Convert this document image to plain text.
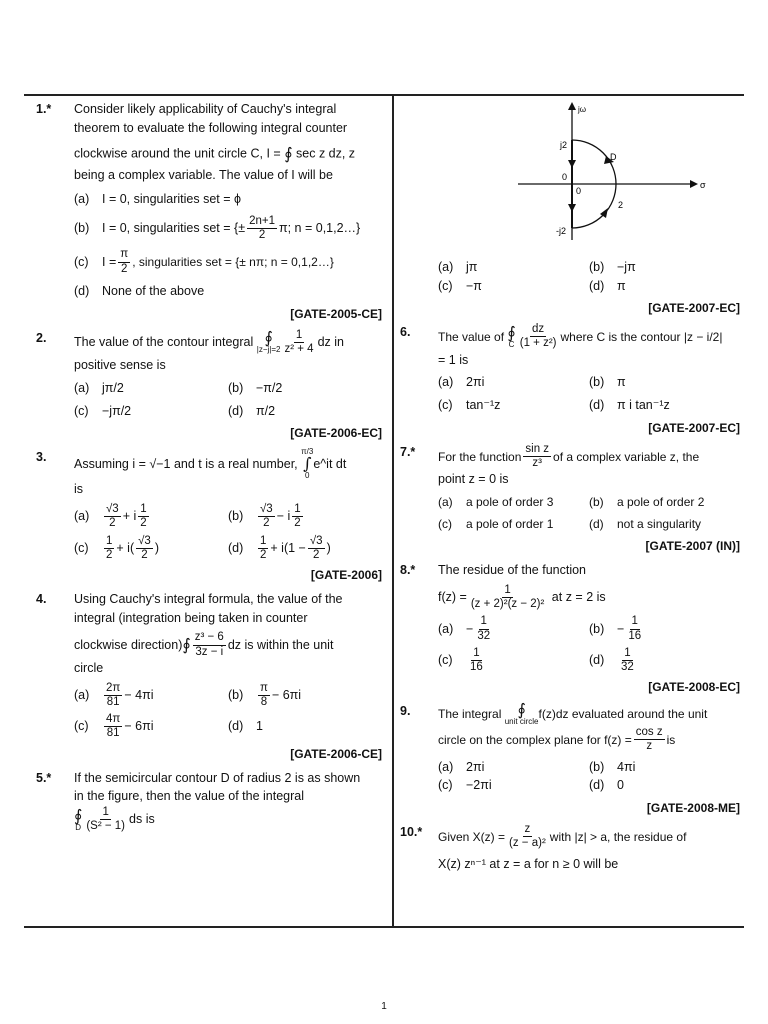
1.* Consider likely applicability of Cauchy's integral
theorem to evaluate the following integral counter
clockwise around the unit circle C, I = ∮ sec z dz, z
being a complex variable. The value of I will be
(a)	I = 0, singularities set = ϕ
(b)	I = 0, singularities set =
{± $\frac{2n+1}{2} \pi$; n = 0,1,2…}
(c)	$I = \frac{\pi}{2}$ , singularities set = {± nπ; n = 0,1,2…}
(d)	None of the above
[GATE-2005-CE]
2. The value of the contour integral
∮
$|z-j|=2 \frac{1}{\text{z² + 4}}$ dz in
positive sense is
(a)	jπ/2	(b)	−π/2
(c)	−jπ/2	(d)	π/2
[GATE-2006-EC]
3. Assuming i = √−1 and t is a real number,

π/3
∫
0
e^it dt
is
(a)	$\frac{√3}{2} + i \frac{1}{2}$	(b)	$\frac{√3}{2} - i \frac{1}{2}$
(c)	$\frac{1}{2} + i( \frac{√3}{2}$ )	(d)	$\frac{1}{2} + i(1 - \frac{√3}{2}$ )
[GATE-2006]
4. Using Cauchy's integral formula, the value of the
integral (integration being taken in counter
clockwise direction) ∮ $\frac{\text{z³ − 6}}{3z - i}$ dz is within the unit
circle
(a)	$\frac{2\pi}{81} - 4\pi i$	(b)	$\frac{\pi}{8} - 6\pi i$
(c)	$\frac{4\pi}{81} - 6\pi i$	(d)	1
[GATE-2006-CE]
5.* If the semicircular contour D of radius 2 is as shown
in the figure, then the value of the integral
∮
D $\frac{1}{\text{(S² − 1)}}$ ds is
jω
σ
j2
-j2
0
0
2
D
(a)	jπ	(b)	−jπ
(c)	−π	(d)	π
[GATE-2007-EC]
6. The value of
∮
C $\frac{dz}{\text{(1 + z²)}}$ where C is the contour
|z − i/2|
= 1 is
(a)	2πi	(b)	π
(c)	tan⁻¹z	(d)	π i tan⁻¹z
[GATE-2007-EC]
7.* For the function $\frac{\text{sin z}}{\text{z³}}$ of a complex variable z, the
point z = 0 is
(a)	a pole of order 3	(b)	a pole of order 2
(c)	a pole of order 1	(d)	not a singularity
[GATE-2007 (IN)]
8.* The residue of the function
$f(z) = \frac{1}{\text{(z + 2)²(z − 2)²}}$
at z = 2 is
(a)	− $\frac{1}{32}$	(b)	− $\frac{1}{16}$
(c)	$\frac{1}{16}$	(d)	$\frac{1}{32}$
[GATE-2008-EC]
9. The integral
∮
unit circle
f(z)dz evaluated around the unit
circle on the complex plane for $f(z) = \frac{\text{cos z}}{z}$ is
(a)	2πi	(b)	4πi
(c)	−2πi	(d)	0
[GATE-2008-ME]
10.* Given $X(z) = \frac{z}{\text{(z − a)²}}$ with |z| > a, the residue of
X(z) zⁿ⁻¹ at z = a for n ≥ 0 will be
1
